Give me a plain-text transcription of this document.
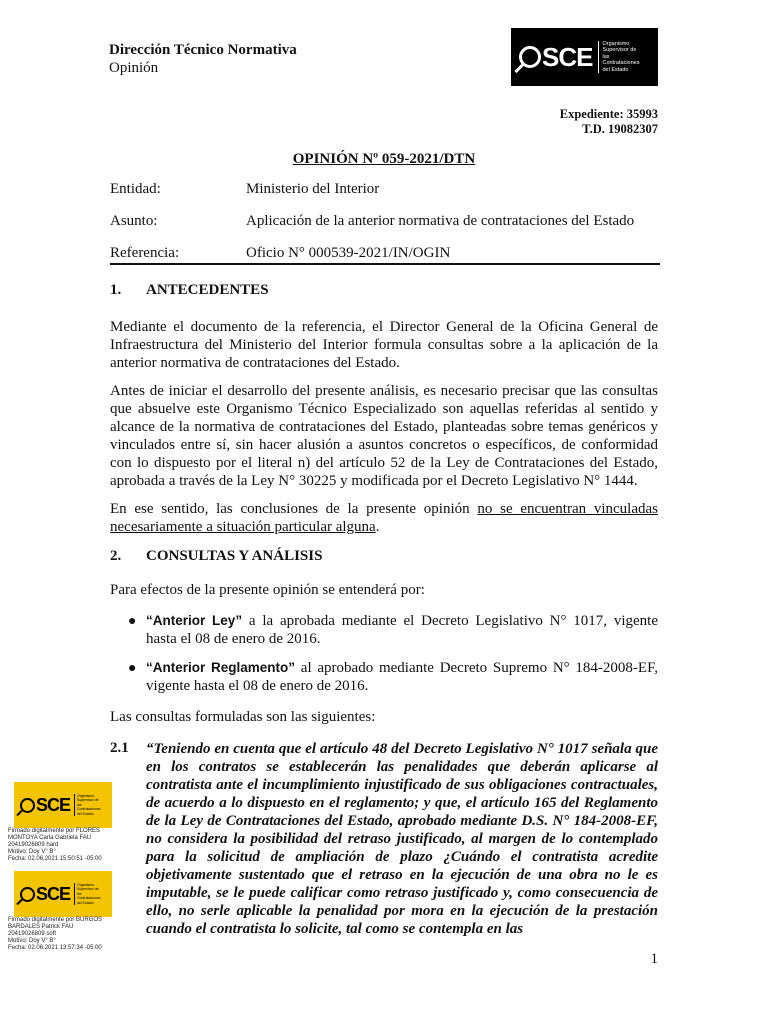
Dirección Técnico Normativa
Opinión	SCE	Organismo Supervisor de las Contrataciones del Estado
Expediente: 35993
T.D. 19082307
OPINIÓN Nº 059-2021/DTN
Entidad:	Ministerio del Interior
Asunto:	Aplicación de la anterior normativa de contrataciones del Estado
Referencia:	Oficio N° 000539-2021/IN/OGIN
1. ANTECEDENTES
Mediante el documento de la referencia, el Director General de la Oficina General de Infraestructura del Ministerio del Interior formula consultas sobre a la aplicación de la anterior normativa de contrataciones del Estado.
Antes de iniciar el desarrollo del presente análisis, es necesario precisar que las consultas que absuelve este Organismo Técnico Especializado son aquellas referidas al sentido y alcance de la normativa de contrataciones del Estado, planteadas sobre temas genéricos y vinculados entre sí, sin hacer alusión a asuntos concretos o específicos, de conformidad con lo dispuesto por el literal n) del artículo 52 de la Ley de Contrataciones del Estado, aprobada a través de la Ley N° 30225 y modificada por el Decreto Legislativo N° 1444.
En ese sentido, las conclusiones de la presente opinión no se encuentran vinculadas necesariamente a situación particular alguna.
2. CONSULTAS Y ANÁLISIS
Para efectos de la presente opinión se entenderá por:
● “Anterior Ley” a la aprobada mediante el Decreto Legislativo N° 1017, vigente hasta el 08 de enero de 2016.
● “Anterior Reglamento” al aprobado mediante Decreto Supremo N° 184-2008-EF, vigente hasta el 08 de enero de 2016.
Las consultas formuladas son las siguientes:
2.1 “Teniendo en cuenta que el artículo 48 del Decreto Legislativo N° 1017 señala que en los contratos se establecerán las penalidades que deberán aplicarse al contratista ante el incumplimiento injustificado de sus obligaciones contractuales, de acuerdo a lo dispuesto en el reglamento; y que, el artículo 165 del Reglamento de la Ley de Contrataciones del Estado, aprobado mediante D.S. N° 184-2008-EF, no considera la posibilidad del retraso justificado, al margen de lo contemplado para la solicitud de ampliación de plazo ¿Cuándo el contratista acredite objetivamente sustentado que el retraso en la ejecución de una obra no le es imputable, se le puede calificar como retraso justificado y, como consecuencia de ello, no serle aplicable la penalidad por mora en la ejecución de la prestación cuando el contratista lo solicite, tal como se contempla en las
SCE	Organismo Supervisor de las Contrataciones del Estado
Firmado digitalmente por FLORES
MONTOYA Carla Gabriela FAU
20419026809 hard
Motivo: Doy V° B°
Fecha: 02.06.2021 15:50:51 -05:00
SCE	Organismo Supervisor de las Contrataciones del Estado
Firmado digitalmente por BURGOS
BARDALES Patrick FAU
20419026809 soft
Motivo: Doy V° B°
Fecha: 02.06.2021 13:57:34 -05:00
1
